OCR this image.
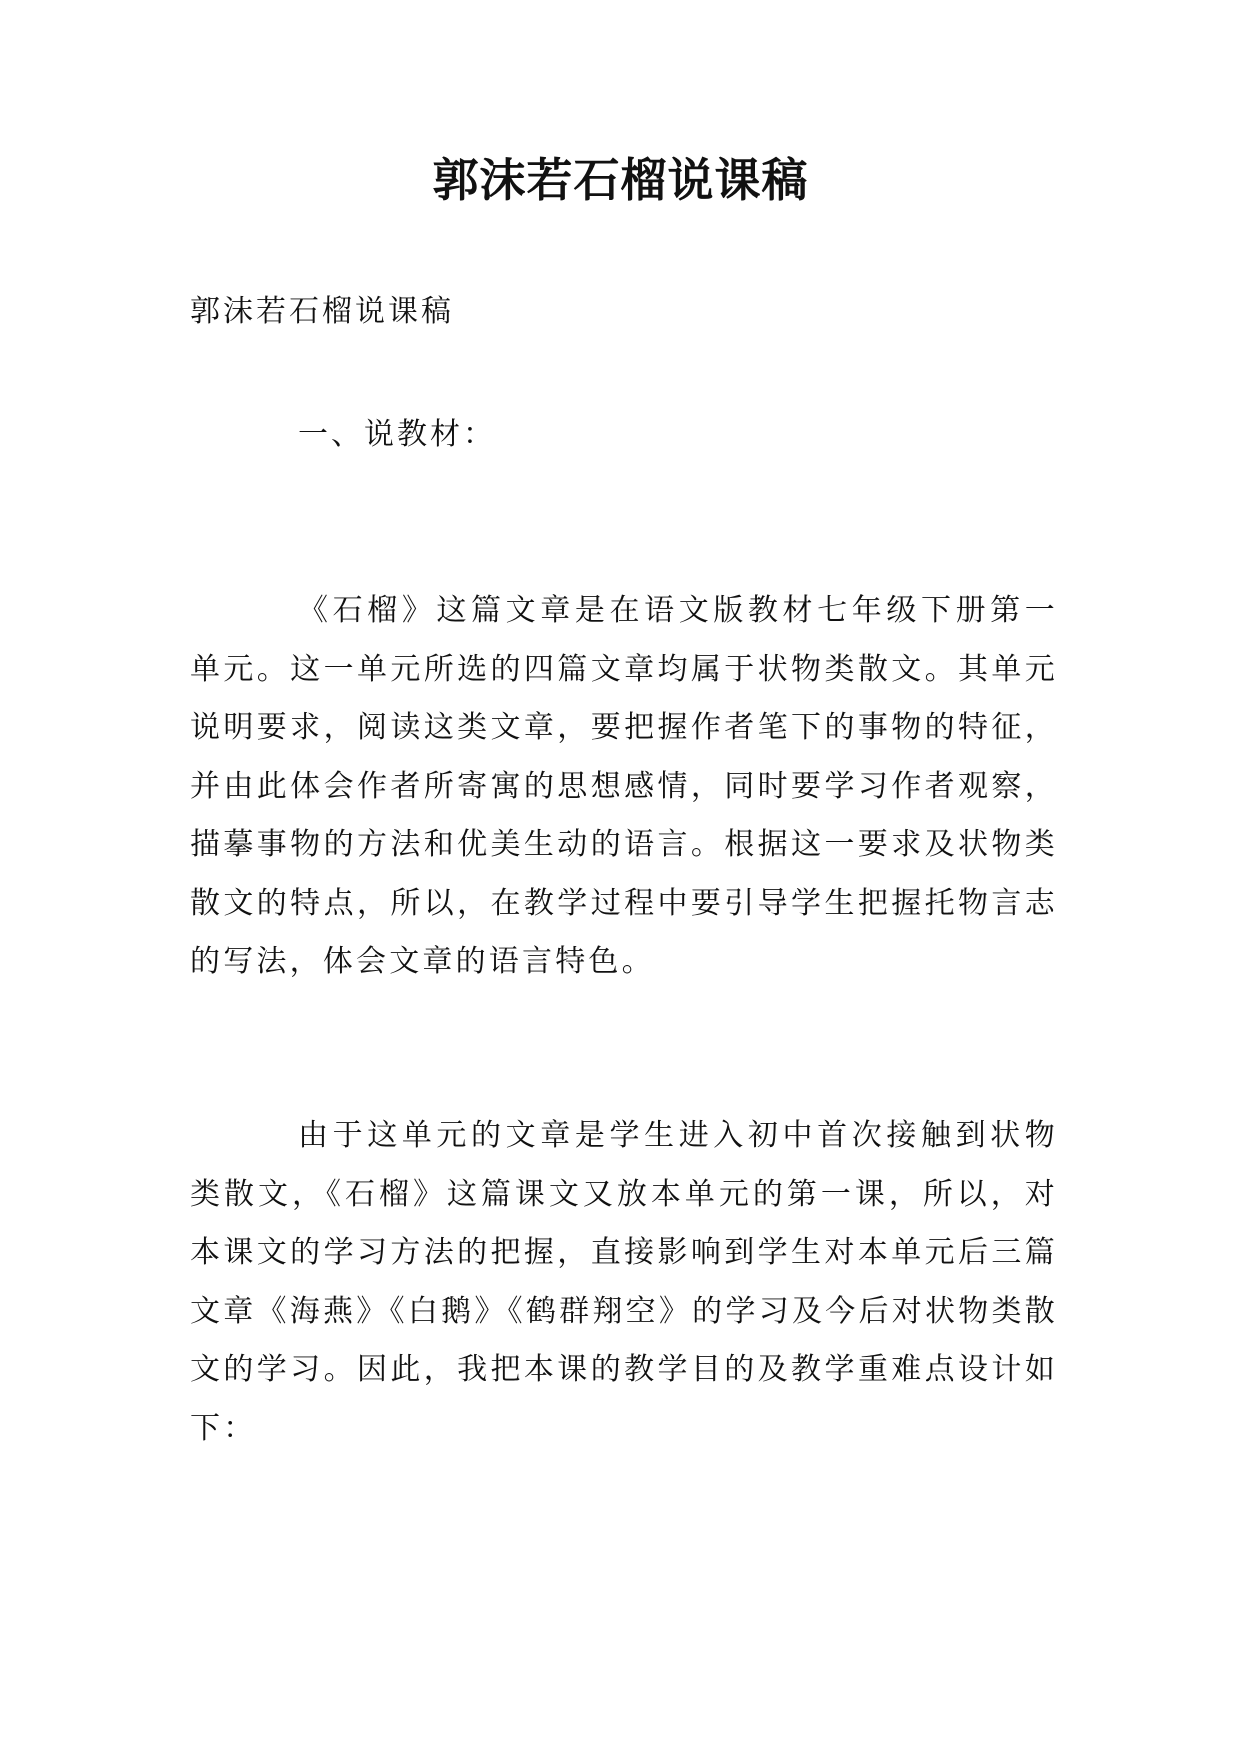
郭沫若石榴说课稿
郭沫若石榴说课稿
一、说教材：

《石榴》这篇文章是在语文版教材七年级下册第一单元。这一单元所选的四篇文章均属于状物类散文。其单元说明要求，阅读这类文章，要把握作者笔下的事物的特征，并由此体会作者所寄寓的思想感情，同时要学习作者观察，描摹事物的方法和优美生动的语言。根据这一要求及状物类散文的特点，所以，在教学过程中要引导学生把握托物言志的写法，体会文章的语言特色。

由于这单元的文章是学生进入初中首次接触到状物类散文，《石榴》这篇课文又放本单元的第一课，所以，对本课文的学习方法的把握，直接影响到学生对本单元后三篇文章《海燕》《白鹅》《鹤群翔空》的学习及今后对状物类散文的学习。因此，我把本课的教学目的及教学重难点设计如下：
